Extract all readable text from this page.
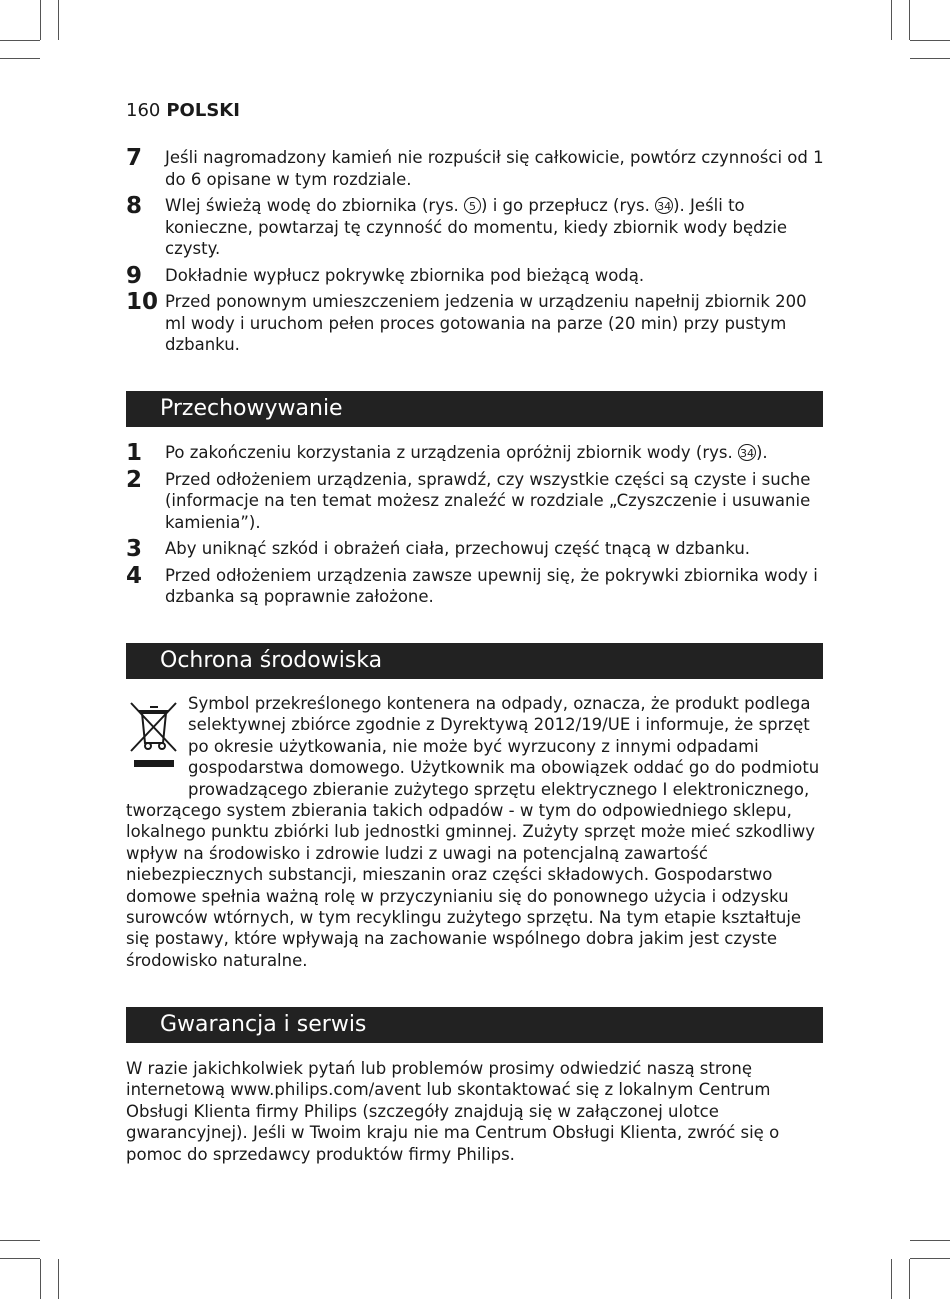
160 POLSKI
7 Jeśli nagromadzony kamień nie rozpuścił się całkowicie, powtórz czynności od 1 do 6 opisane w tym rozdziale.
8 Wlej świeżą wodę do zbiornika (rys. 5 ) i go przepłucz (rys. 34 ). Jeśli to konieczne, powtarzaj tę czynność do momentu, kiedy zbiornik wody będzie czysty.
9 Dokładnie wypłucz pokrywkę zbiornika pod bieżącą wodą.
10 Przed ponownym umieszczeniem jedzenia w urządzeniu napełnij zbiornik 200 ml wody i uruchom pełen proces gotowania na parze (20 min) przy pustym dzbanku.
Przechowywanie
1 Po zakończeniu korzystania z urządzenia opróżnij zbiornik wody (rys. 34 ).
2 Przed odłożeniem urządzenia, sprawdź, czy wszystkie części są czyste i suche (informacje na ten temat możesz znaleźć w rozdziale „Czyszczenie i usuwanie kamienia”).
3 Aby uniknąć szkód i obrażeń ciała, przechowuj część tnącą w dzbanku.
4 Przed odłożeniem urządzenia zawsze upewnij się, że pokrywki zbiornika wody i dzbanka są poprawnie założone.
Ochrona środowiska

Symbol przekreślonego kontenera na odpady, oznacza, że produkt podlega selektywnej zbiórce zgodnie z Dyrektywą 2012/19/UE i informuje, że sprzęt po okresie użytkowania, nie może być wyrzucony z innymi odpadami gospodarstwa domowego. Użytkownik ma obowiązek oddać go do podmiotu prowadzącego zbieranie zużytego sprzętu elektrycznego I elektronicznego, tworzącego system zbierania takich odpadów - w tym do odpowiedniego sklepu, lokalnego punktu zbiórki lub jednostki gminnej. Zużyty sprzęt może mieć szkodliwy wpływ na środowisko i zdrowie ludzi z uwagi na potencjalną zawartość niebezpiecznych substancji, mieszanin oraz części składowych. Gospodarstwo domowe spełnia ważną rolę w przyczynianiu się do ponownego użycia i odzysku surowców wtórnych, w tym recyklingu zużytego sprzętu. Na tym etapie kształtuje się postawy, które wpływają na zachowanie wspólnego dobra jakim jest czyste środowisko naturalne.

Gwarancja i serwis

W razie jakichkolwiek pytań lub problemów prosimy odwiedzić naszą stronę internetową www.philips.com/avent lub skontaktować się z lokalnym Centrum Obsługi Klienta firmy Philips (szczegóły znajdują się w załączonej ulotce gwarancyjnej). Jeśli w Twoim kraju nie ma Centrum Obsługi Klienta, zwróć się o pomoc do sprzedawcy produktów firmy Philips.
